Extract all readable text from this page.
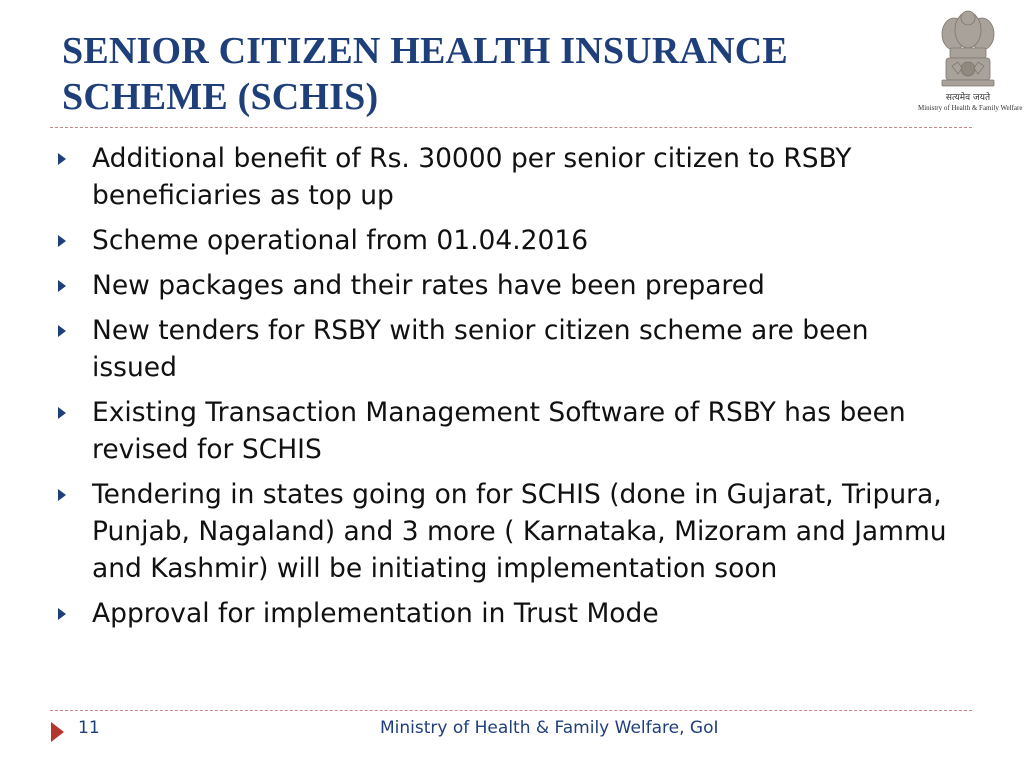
SENIOR CITIZEN HEALTH INSURANCE
SCHEME (SCHIS)	सत्यमेव जयते
Ministry of Health & Family Welfare
Additional benefit of Rs. 30000 per senior citizen to RSBY beneficiaries as top up
Scheme operational from 01.04.2016
New packages and their rates have been prepared
New tenders for RSBY with senior citizen scheme are been issued
Existing Transaction Management Software of RSBY has been revised for SCHIS
Tendering in states going on for SCHIS (done in Gujarat, Tripura, Punjab, Nagaland) and 3 more ( Karnataka, Mizoram and Jammu and Kashmir) will be initiating implementation soon
Approval for implementation in Trust Mode
11	Ministry of Health & Family Welfare, GoI
